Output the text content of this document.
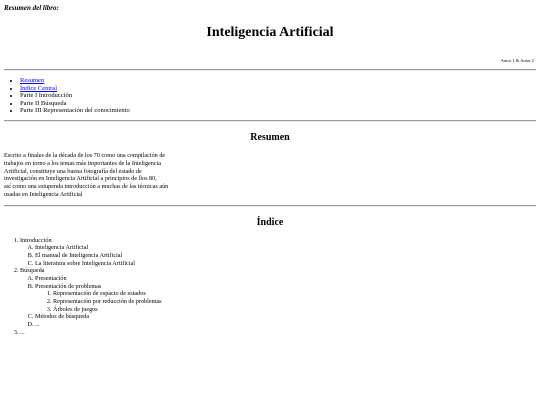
Resumen del libro:

Inteligencia Artificial
Autor 1 & Autor 2
• Resumen
• Índice Central
• Parte I Introducción
• Parte II Búsqueda
• Parte III Representación del conocimiento
Resumen
Escrito a finales de la década de los 70 como una compilación de
trabajos en torno a los temas más importantes de la Inteligencia
Artificial, constituye una buena fotografía del estado de
investigación en Inteligencia Artificial a principios de llos 80,
así como una estupenda introducción a muchas de las técnicas aún
usadas en Inteligencia Artificial
Índice
1. Introducción
A. Inteligencia Artificial
B. El manual de Inteligencia Artificial
C. La literatura sobre Inteligencia Artificial
2. Búsqueda
A. Presentación
B. Presentación de problemas
1. Representación de espacio de estados
2. Representación por reducción de problemas
3. Árboles de juegos
C. Métodos de búsqueda
D. ...
3. ...
